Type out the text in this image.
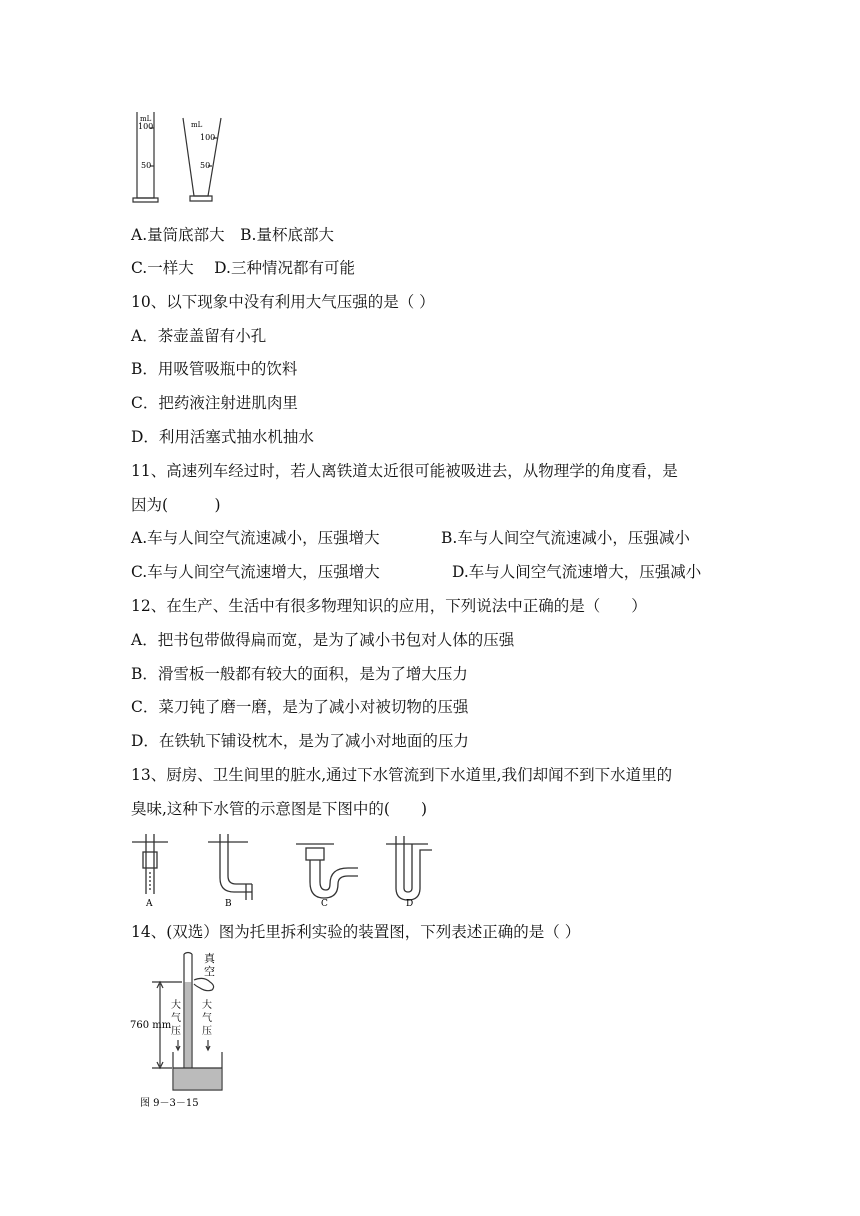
mL
100
50
mL
100
50
A.量筒底部大　B.量杯底部大
C.一样大　 D.三种情况都有可能
10、以下现象中没有利用大气压强的是（ ）
A．茶壶盖留有小孔
B．用吸管吸瓶中的饮料
C．把药液注射进肌肉里
D．利用活塞式抽水机抽水
11、高速列车经过时，若人离铁道太近很可能被吸进去，从物理学的角度看，是
因为(　　　)
A.车与人间空气流速减小，压强增大	B.车与人间空气流速减小，压强减小
C.车与人间空气流速增大，压强增大	D.车与人间空气流速增大，压强减小
12、在生产、生活中有很多物理知识的应用，下列说法中正确的是（　　）
A．把书包带做得扁而宽，是为了减小书包对人体的压强
B．滑雪板一般都有较大的面积，是为了增大压力
C．菜刀钝了磨一磨，是为了减小对被切物的压强
D．在铁轨下铺设枕木，是为了减小对地面的压力
13、厨房、卫生间里的脏水,通过下水管流到下水道里,我们却闻不到下水道里的
臭味,这种下水管的示意图是下图中的(　　)
A	B	C	D
14、(双选）图为托里拆利实验的装置图，下列表述正确的是（ ）
真
空
760 mm
大
气
压
大
气
压
图 9－3－15
